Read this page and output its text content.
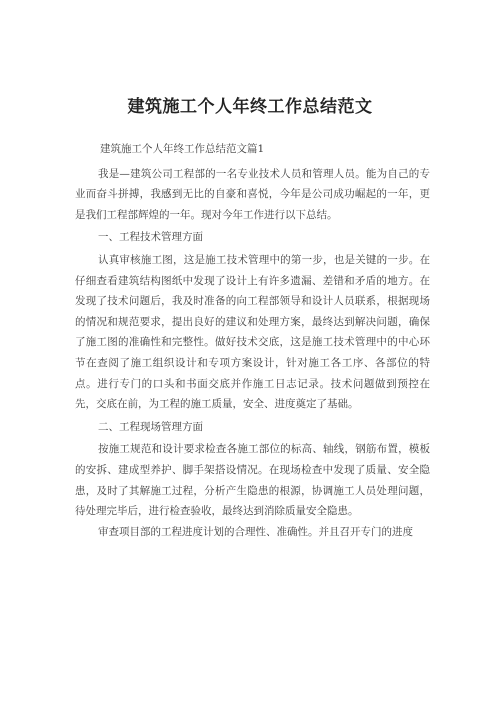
建筑施工个人年终工作总结范文

建筑施工个人年终工作总结范文篇1

我是—建筑公司工程部的一名专业技术人员和管理人员。能为自己的专业而奋斗拼搏，我感到无比的自豪和喜悦，今年是公司成功崛起的一年，更是我们工程部辉煌的一年。现对今年工作进行以下总结。

一、工程技术管理方面

认真审核施工图，这是施工技术管理中的第一步，也是关键的一步。在仔细查看建筑结构图纸中发现了设计上有许多遗漏、差错和矛盾的地方。在发现了技术问题后，我及时准备的向工程部领导和设计人员联系，根据现场的情况和规范要求，提出良好的建议和处理方案，最终达到解决问题，确保了施工图的准确性和完整性。做好技术交底，这是施工技术管理中的中心环节在查阅了施工组织设计和专项方案设计，针对施工各工序、各部位的特点。进行专门的口头和书面交底并作施工日志记录。技术问题做到预控在先，交底在前，为工程的施工质量，安全、进度奠定了基础。

二、工程现场管理方面

按施工规范和设计要求检查各施工部位的标高、轴线，钢筋布置，模板的安拆、建成型养护、脚手架搭设情况。在现场检查中发现了质量、安全隐患，及时了其解施工过程，分析产生隐患的根源，协调施工人员处理问题，待处理完毕后，进行检查验收，最终达到消除质量安全隐患。

审查项目部的工程进度计划的合理性、准确性。并且召开专门的进度
